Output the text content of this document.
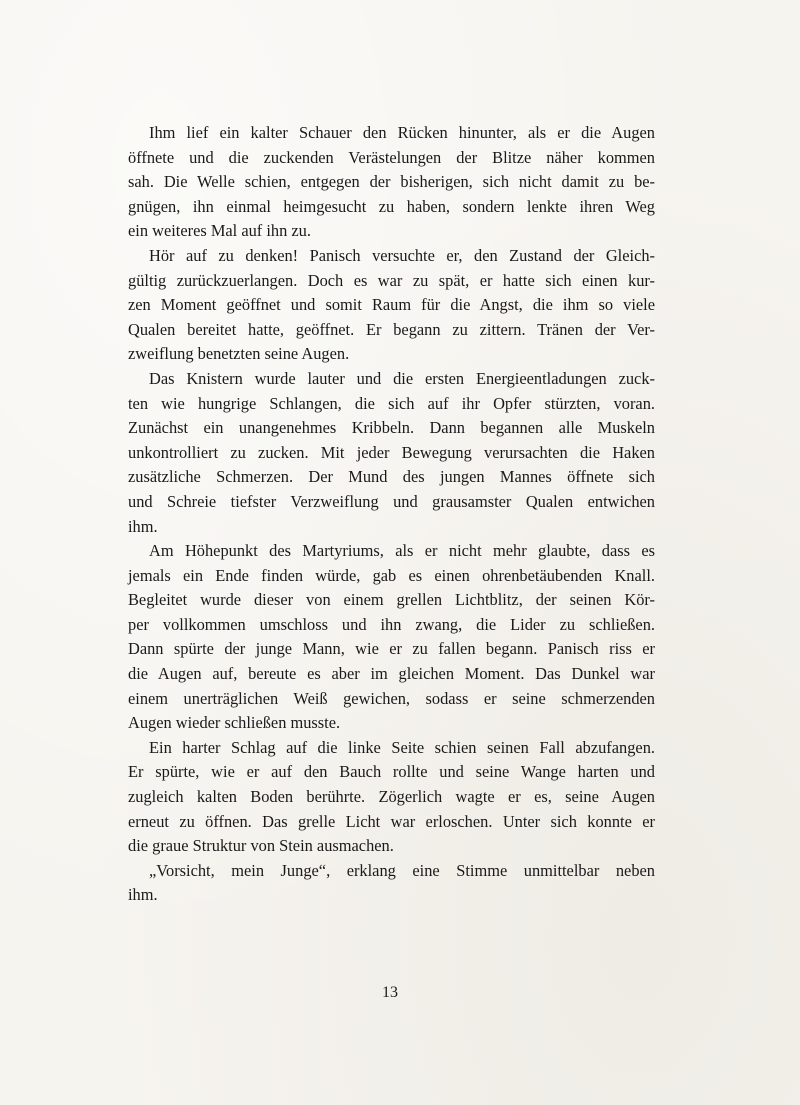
Ihm lief ein kalter Schauer den Rücken hinunter, als er die Augen
öffnete und die zuckenden Verästelungen der Blitze näher kommen
sah. Die Welle schien, entgegen der bisherigen, sich nicht damit zu be-
gnügen, ihn einmal heimgesucht zu haben, sondern lenkte ihren Weg
ein weiteres Mal auf ihn zu.
Hör auf zu denken! Panisch versuchte er, den Zustand der Gleich-
gültig zurückzuerlangen. Doch es war zu spät, er hatte sich einen kur-
zen Moment geöffnet und somit Raum für die Angst, die ihm so viele
Qualen bereitet hatte, geöffnet. Er begann zu zittern. Tränen der Ver-
zweiflung benetzten seine Augen.
Das Knistern wurde lauter und die ersten Energieentladungen zuck-
ten wie hungrige Schlangen, die sich auf ihr Opfer stürzten, voran.
Zunächst ein unangenehmes Kribbeln. Dann begannen alle Muskeln
unkontrolliert zu zucken. Mit jeder Bewegung verursachten die Haken
zusätzliche Schmerzen. Der Mund des jungen Mannes öffnete sich
und Schreie tiefster Verzweiflung und grausamster Qualen entwichen
ihm.
Am Höhepunkt des Martyriums, als er nicht mehr glaubte, dass es
jemals ein Ende finden würde, gab es einen ohrenbetäubenden Knall.
Begleitet wurde dieser von einem grellen Lichtblitz, der seinen Kör-
per vollkommen umschloss und ihn zwang, die Lider zu schließen.
Dann spürte der junge Mann, wie er zu fallen begann. Panisch riss er
die Augen auf, bereute es aber im gleichen Moment. Das Dunkel war
einem unerträglichen Weiß gewichen, sodass er seine schmerzenden
Augen wieder schließen musste.
Ein harter Schlag auf die linke Seite schien seinen Fall abzufangen.
Er spürte, wie er auf den Bauch rollte und seine Wange harten und
zugleich kalten Boden berührte. Zögerlich wagte er es, seine Augen
erneut zu öffnen. Das grelle Licht war erloschen. Unter sich konnte er
die graue Struktur von Stein ausmachen.
„Vorsicht, mein Junge“, erklang eine Stimme unmittelbar neben
ihm.
13
